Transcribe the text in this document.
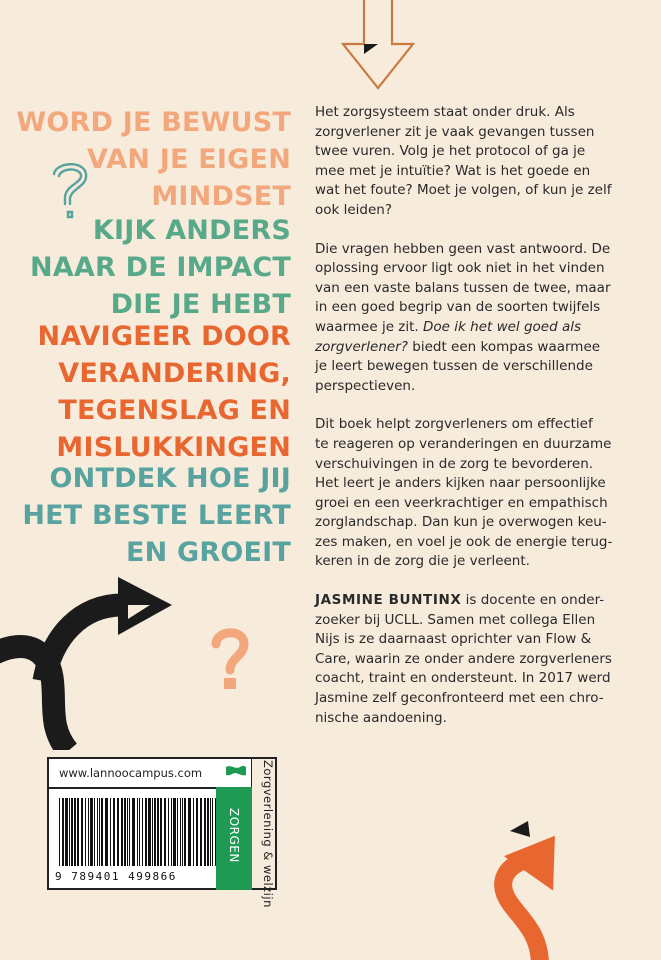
WORD JE BEWUST
VAN JE EIGEN
MINDSET
KIJK ANDERS
NAAR DE IMPACT
DIE JE HEBT
NAVIGEER DOOR
VERANDERING,
TEGENSLAG EN
MISLUKKINGEN
ONTDEK HOE JIJ
HET BESTE LEERT
EN GROEIT

Het zorgsysteem staat onder druk. Als
zorgverlener zit je vaak gevangen tussen
twee vuren. Volg je het protocol of ga je
mee met je intuïtie? Wat is het goede en
wat het foute? Moet je volgen, of kun je zelf
ook leiden?

Die vragen hebben geen vast antwoord. De
oplossing ervoor ligt ook niet in het vinden
van een vaste balans tussen de twee, maar
in een goed begrip van de soorten twijfels
waarmee je zit. Doe ik het wel goed als
zorgverlener? biedt een kompas waarmee
je leert bewegen tussen de verschillende
perspectieven.

Dit boek helpt zorgverleners om effectief
te reageren op veranderingen en duurzame
verschuivingen in de zorg te bevorderen.
Het leert je anders kijken naar persoonlijke
groei en een veerkrachtiger en empathisch
zorglandschap. Dan kun je overwogen keu-
zes maken, en voel je ook de energie terug-
keren in de zorg die je verleent.

JASMINE BUNTINX is docente en onder-
zoeker bij UCLL. Samen met collega Ellen
Nijs is ze daarnaast oprichter van Flow &
Care, waarin ze onder andere zorgverleners
coacht, traint en ondersteunt. In 2017 werd
Jasmine zelf geconfronteerd met een chro-
nische aandoening.

www.lannoocampus.com
9 789401 499866
ZORGEN Zorgverlening & welzijn
